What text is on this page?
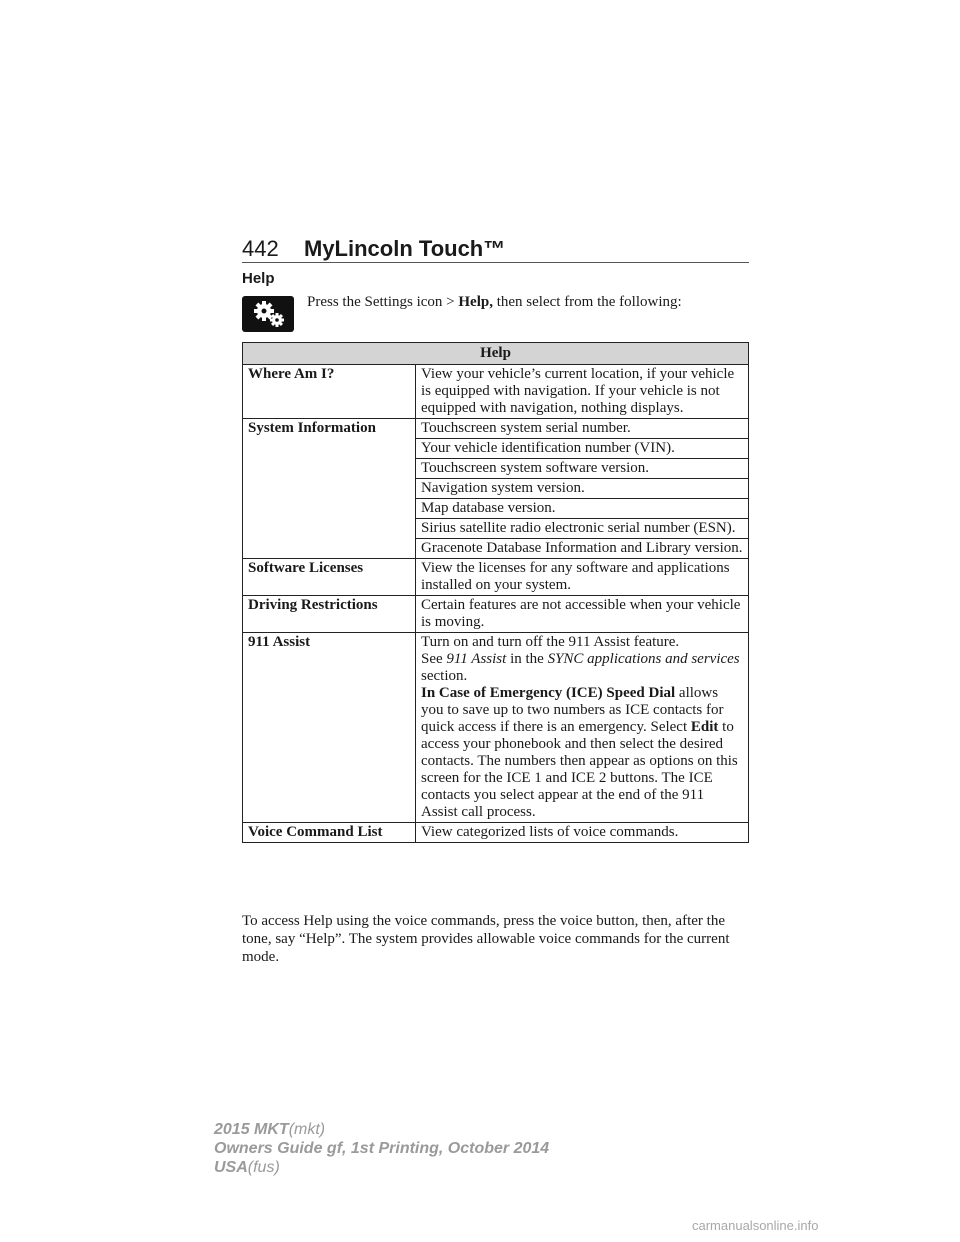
442 MyLincoln Touch™
Help
Press the Settings icon > Help, then select from the following:
Help	
Where Am I?	View your vehicle’s current location, if your vehicle is equipped with navigation. If your vehicle is not equipped with navigation, nothing displays.
System Information	Touchscreen system serial number.
	Your vehicle identification number (VIN).
	Touchscreen system software version.
	Navigation system version.
	Map database version.
	Sirius satellite radio electronic serial number (ESN).
	Gracenote Database Information and Library version.
Software Licenses	View the licenses for any software and applications installed on your system.
Driving Restrictions	Certain features are not accessible when your vehicle is moving.
911 Assist	Turn on and turn off the 911 Assist feature.
See 911 Assist in the SYNC applications and services section.
In Case of Emergency (ICE) Speed Dial allows you to save up to two numbers as ICE contacts for quick access if there is an emergency. Select Edit to access your phonebook and then select the desired contacts. The numbers then appear as options on this screen for the ICE 1 and ICE 2 buttons. The ICE contacts you select appear at the end of the 911 Assist call process.
Voice Command List	View categorized lists of voice commands.
To access Help using the voice commands, press the voice button, then, after the tone, say “Help”. The system provides allowable voice commands for the current mode.
2015 MKT(mkt)
Owners Guide gf, 1st Printing, October 2014
USA(fus)
carmanualsonline.info
